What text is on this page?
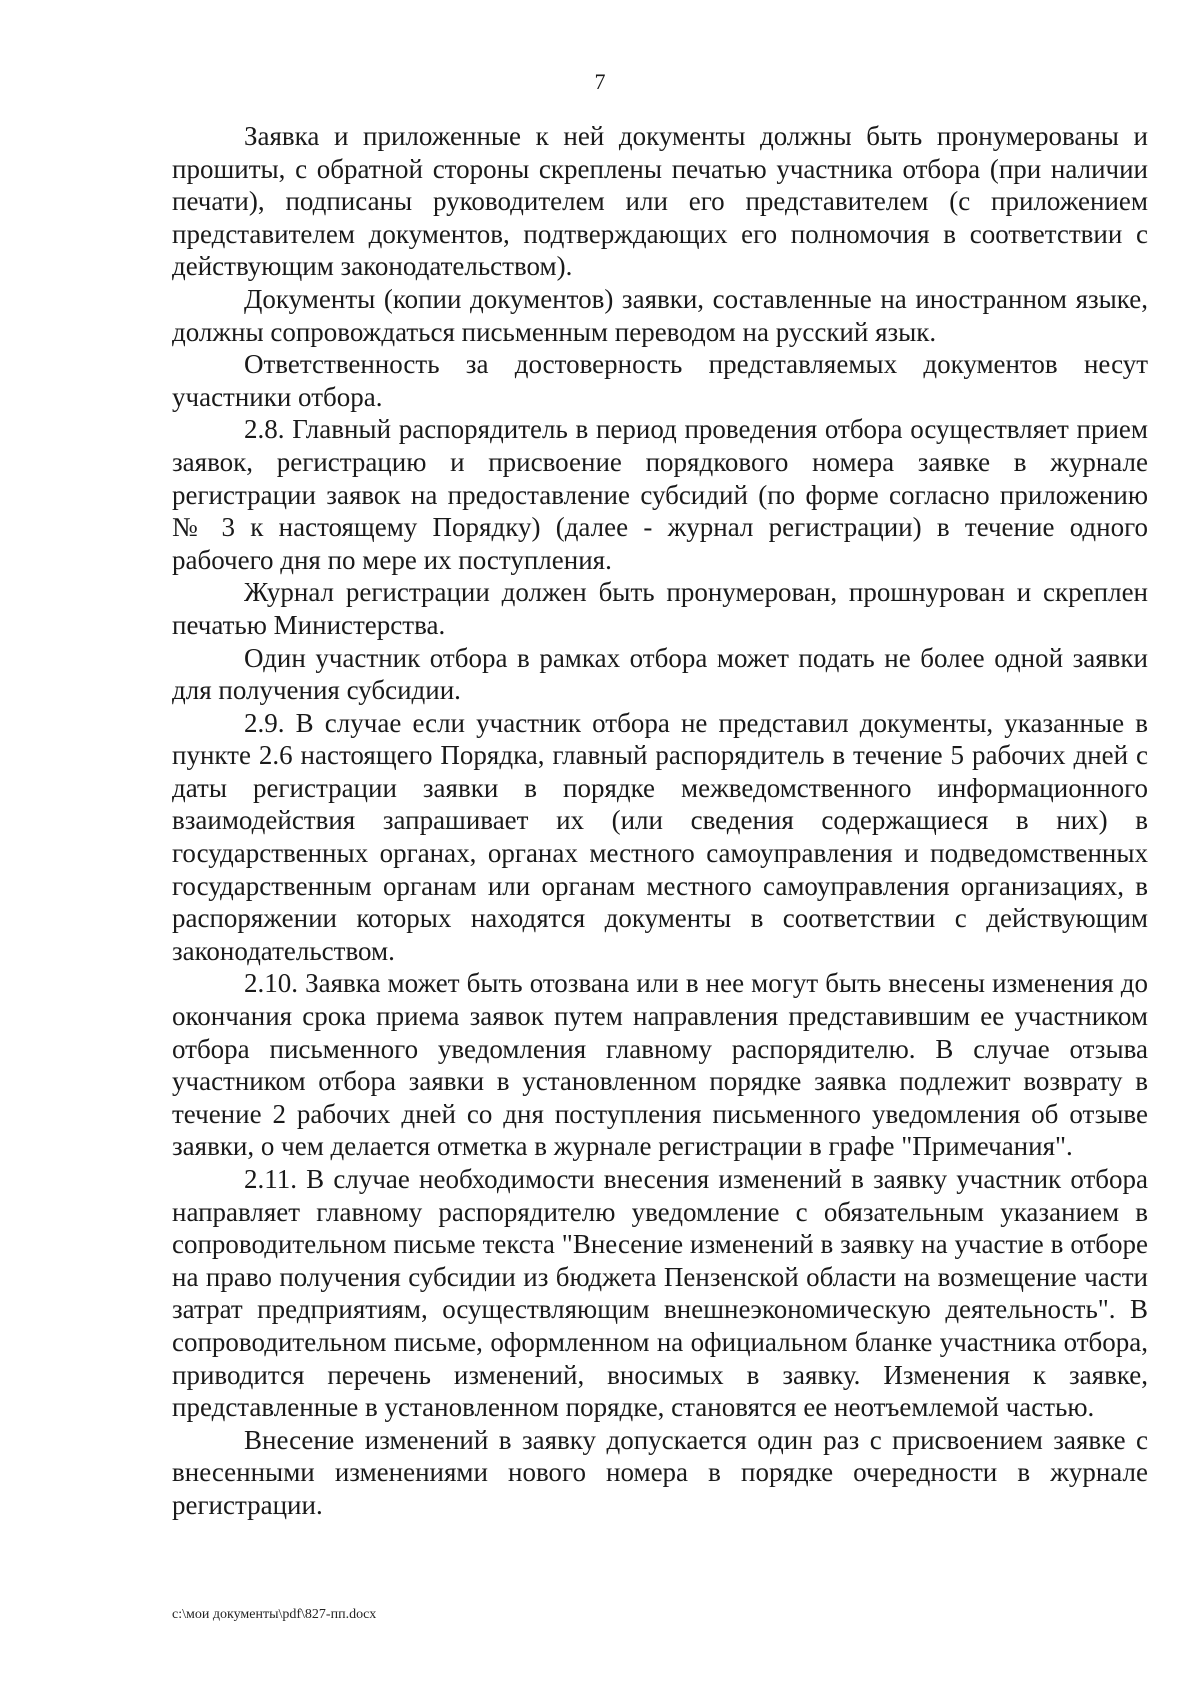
7

Заявка и приложенные к ней документы должны быть пронумерованы и прошиты, с обратной стороны скреплены печатью участника отбора (при наличии печати), подписаны руководителем или его представителем (с приложением представителем документов, подтверждающих его полномочия в соответствии с действующим законодательством).

Документы (копии документов) заявки, составленные на иностранном языке, должны сопровождаться письменным переводом на русский язык.

Ответственность за достоверность представляемых документов несут участники отбора.

2.8. Главный распорядитель в период проведения отбора осуществляет прием заявок, регистрацию и присвоение порядкового номера заявке в журнале регистрации заявок на предоставление субсидий (по форме согласно приложению № 3 к настоящему Порядку) (далее - журнал регистрации) в течение одного рабочего дня по мере их поступления.

Журнал регистрации должен быть пронумерован, прошнурован и скреплен печатью Министерства.

Один участник отбора в рамках отбора может подать не более одной заявки для получения субсидии.

2.9. В случае если участник отбора не представил документы, указанные в пункте 2.6 настоящего Порядка, главный распорядитель в течение 5 рабочих дней с даты регистрации заявки в порядке межведомственного информационного взаимодействия запрашивает их (или сведения содержащиеся в них) в государственных органах, органах местного самоуправления и подведомственных государственным органам или органам местного самоуправления организациях, в распоряжении которых находятся документы в соответствии с действующим законодательством.

2.10. Заявка может быть отозвана или в нее могут быть внесены изменения до окончания срока приема заявок путем направления представившим ее участником отбора письменного уведомления главному распорядителю. В случае отзыва участником отбора заявки в установленном порядке заявка подлежит возврату в течение 2 рабочих дней со дня поступления письменного уведомления об отзыве заявки, о чем делается отметка в журнале регистрации в графе "Примечания".

2.11. В случае необходимости внесения изменений в заявку участник отбора направляет главному распорядителю уведомление с обязательным указанием в сопроводительном письме текста "Внесение изменений в заявку на участие в отборе на право получения субсидии из бюджета Пензенской области на возмещение части затрат предприятиям, осуществляющим внешнеэкономическую деятельность". В сопроводительном письме, оформленном на официальном бланке участника отбора, приводится перечень изменений, вносимых в заявку. Изменения к заявке, представленные в установленном порядке, становятся ее неотъемлемой частью.

Внесение изменений в заявку допускается один раз с присвоением заявке с внесенными изменениями нового номера в порядке очередности в журнале регистрации.

c:\мои документы\pdf\827-пп.docx
